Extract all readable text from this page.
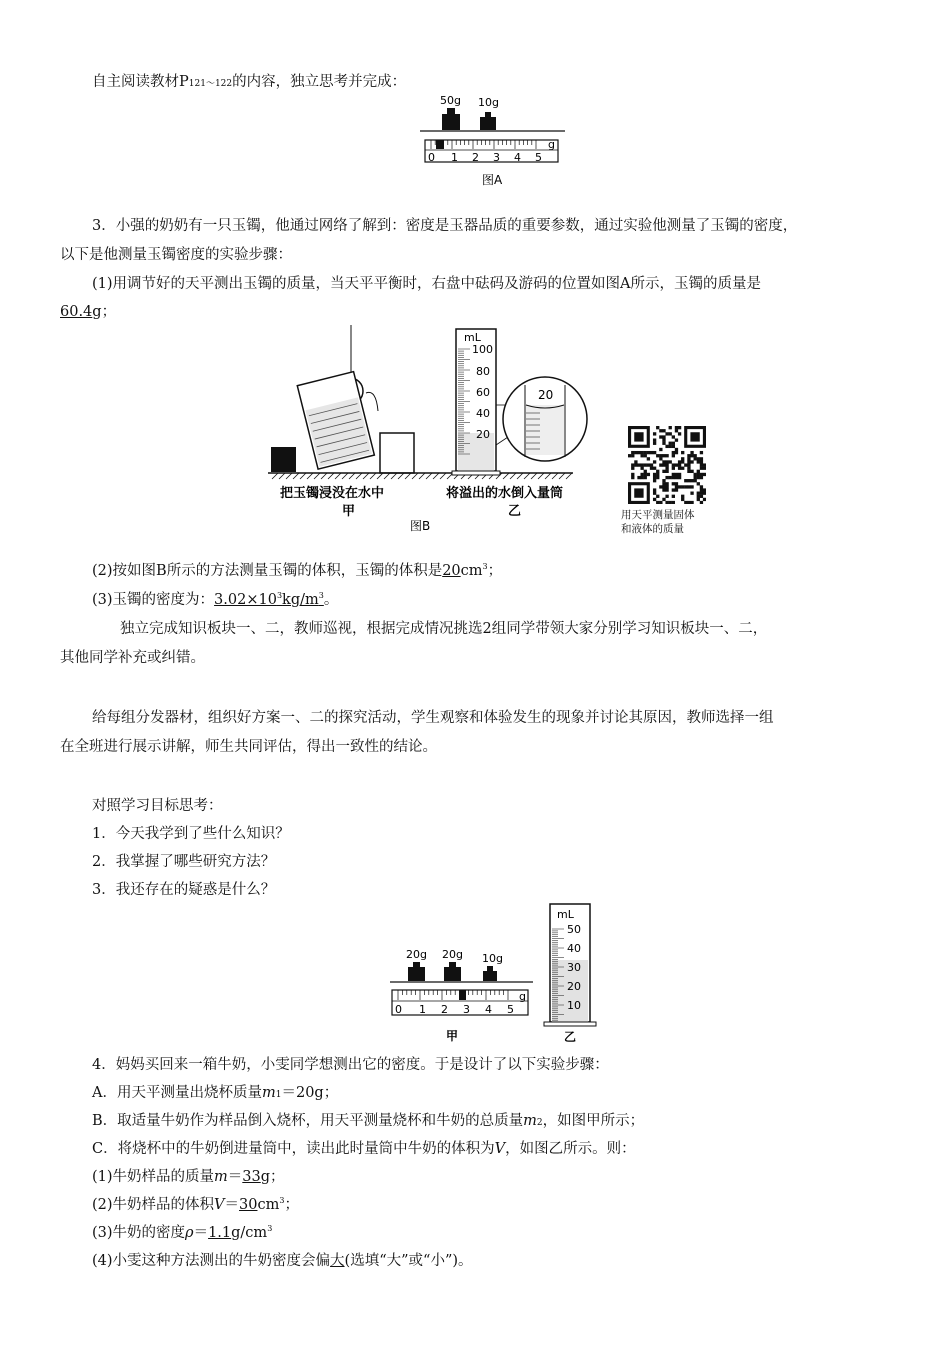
自主阅读教材P121～122的内容，独立思考并完成：
50g 10g
0 1 2 3 4 5
g
图A
3．小强的奶奶有一只玉镯，他通过网络了解到：密度是玉器品质的重要参数，通过实验他测量了玉镯的密度，
以下是他测量玉镯密度的实验步骤：
(1)用调节好的天平测出玉镯的质量，当天平平衡时，右盘中砝码及游码的位置如图A所示，玉镯的质量是
60.4g；
mL
100
80
60
40
20
20
把玉镯浸没在水中
甲
将溢出的水倒入量筒
乙
图B
用天平测量固体
和液体的质量
(2)按如图B所示的方法测量玉镯的体积，玉镯的体积是$20cm^3$；
(3)玉镯的密度为：$3.02\times 10^3kg/m^3$。
独立完成知识板块一、二，教师巡视，根据完成情况挑选2组同学带领大家分别学习知识板块一、二，
其他同学补充或纠错。
给每组分发器材，组织好方案一、二的探究活动，学生观察和体验发生的现象并讨论其原因，教师选择一组
在全班进行展示讲解，师生共同评估，得出一致性的结论。
对照学习目标思考：
1．今天我学到了些什么知识？
2．我掌握了哪些研究方法？
3．我还存在的疑惑是什么？
20g 20g 10g
0 1 2 3 4 5
g
甲
mL
50
40
30
20
10
乙
4．妈妈买回来一箱牛奶，小雯同学想测出它的密度。于是设计了以下实验步骤：
A．用天平测量出烧杯质量m1＝20g；
B．取适量牛奶作为样品倒入烧杯，用天平测量烧杯和牛奶的总质量m2，如图甲所示；
C．将烧杯中的牛奶倒进量筒中，读出此时量筒中牛奶的体积为V，如图乙所示。则：
(1)牛奶样品的质量m＝33g；
(2)牛奶样品的体积$V=30cm^3$；
(3)牛奶的密度$\rho=1.1g/cm^3$
(4)小雯这种方法测出的牛奶密度会偏大(选填“大”或“小”)。
